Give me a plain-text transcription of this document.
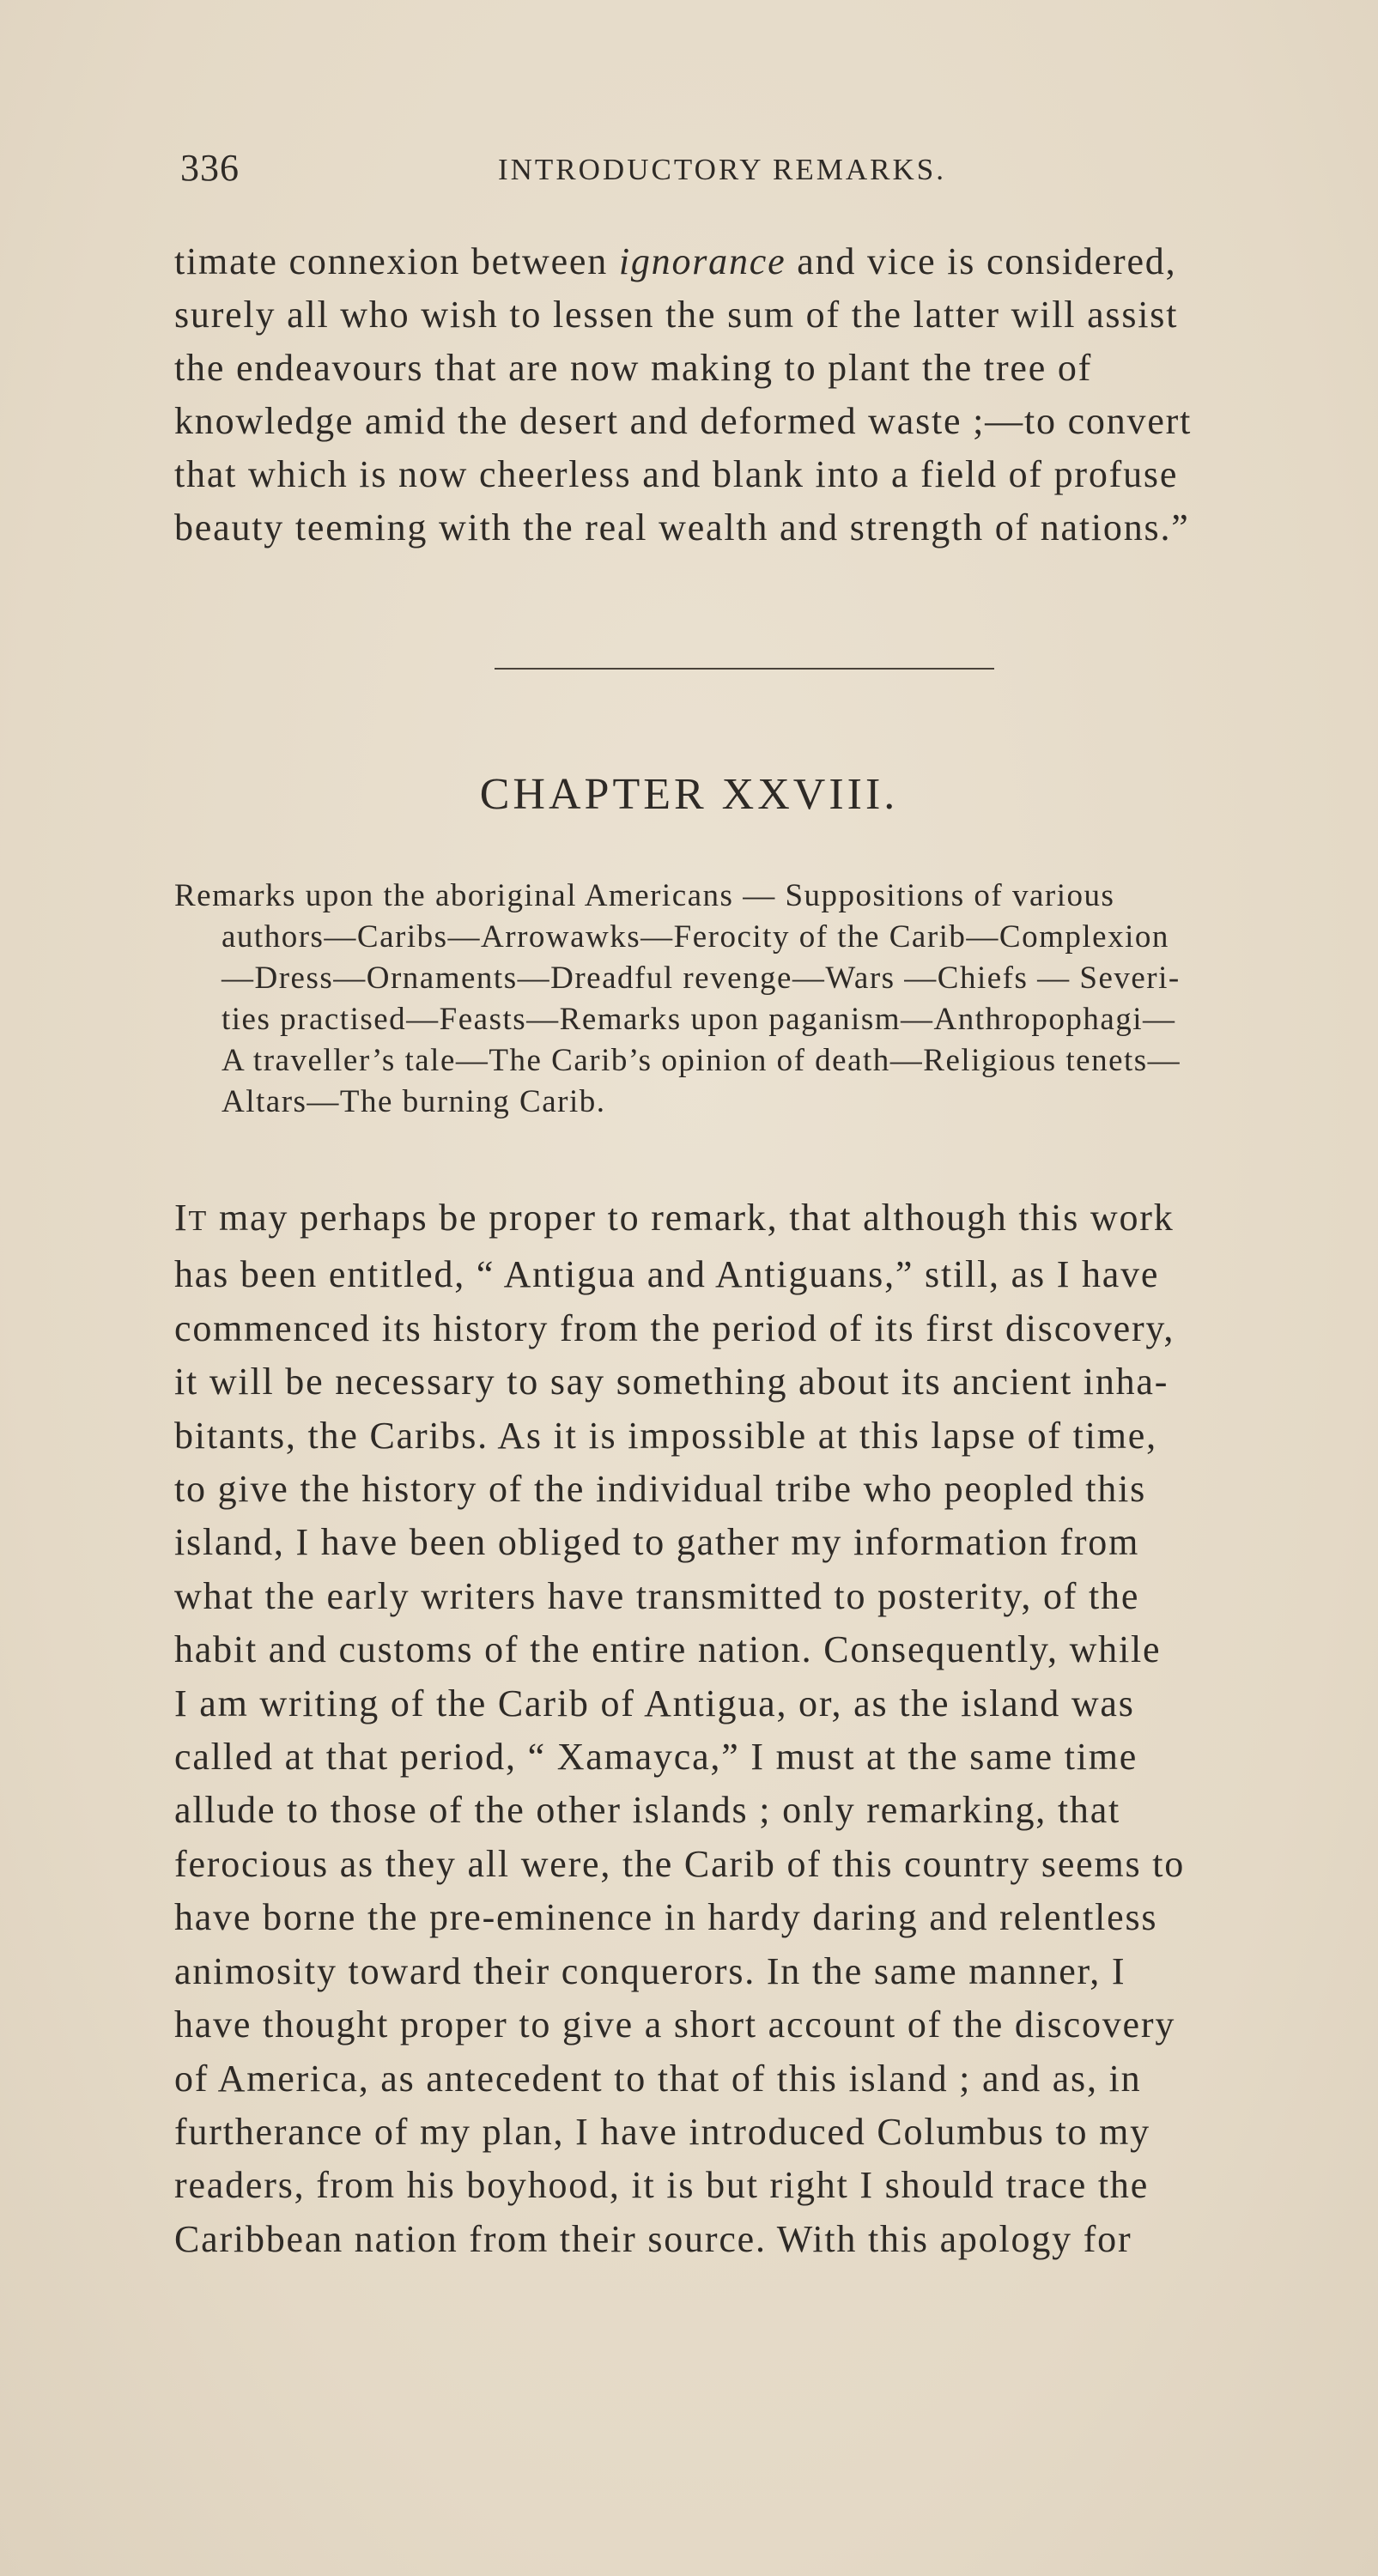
336	INTRODUCTORY REMARKS.

timate connexion between ignorance and vice is considered,

surely all who wish to lessen the sum of the latter will assist

the endeavours that are now making to plant the tree of

knowledge amid the desert and deformed waste ;—to convert

that which is now cheerless and blank into a field of profuse

beauty teeming with the real wealth and strength of nations.”

CHAPTER XXVIII.

Remarks upon the aboriginal Americans — Suppositions of various

authors—Caribs—Arrowawks—Ferocity of the Carib—Complexion

—Dress—Ornaments—Dreadful revenge—Wars —Chiefs — Severi-

ties practised—Feasts—Remarks upon paganism—Anthropophagi—

A traveller’s tale—The Carib’s opinion of death—Religious tenets—

Altars—The burning Carib.

IT may perhaps be proper to remark, that although this work

has been entitled, “ Antigua and Antiguans,” still, as I have

commenced its history from the period of its first discovery,

it will be necessary to say something about its ancient inha-

bitants, the Caribs. As it is impossible at this lapse of time,

to give the history of the individual tribe who peopled this

island, I have been obliged to gather my information from

what the early writers have transmitted to posterity, of the

habit and customs of the entire nation. Consequently, while

I am writing of the Carib of Antigua, or, as the island was

called at that period, “ Xamayca,” I must at the same time

allude to those of the other islands ; only remarking, that

ferocious as they all were, the Carib of this country seems to

have borne the pre-eminence in hardy daring and relentless

animosity toward their conquerors. In the same manner, I

have thought proper to give a short account of the discovery

of America, as antecedent to that of this island ; and as, in

furtherance of my plan, I have introduced Columbus to my

readers, from his boyhood, it is but right I should trace the

Caribbean nation from their source. With this apology for
